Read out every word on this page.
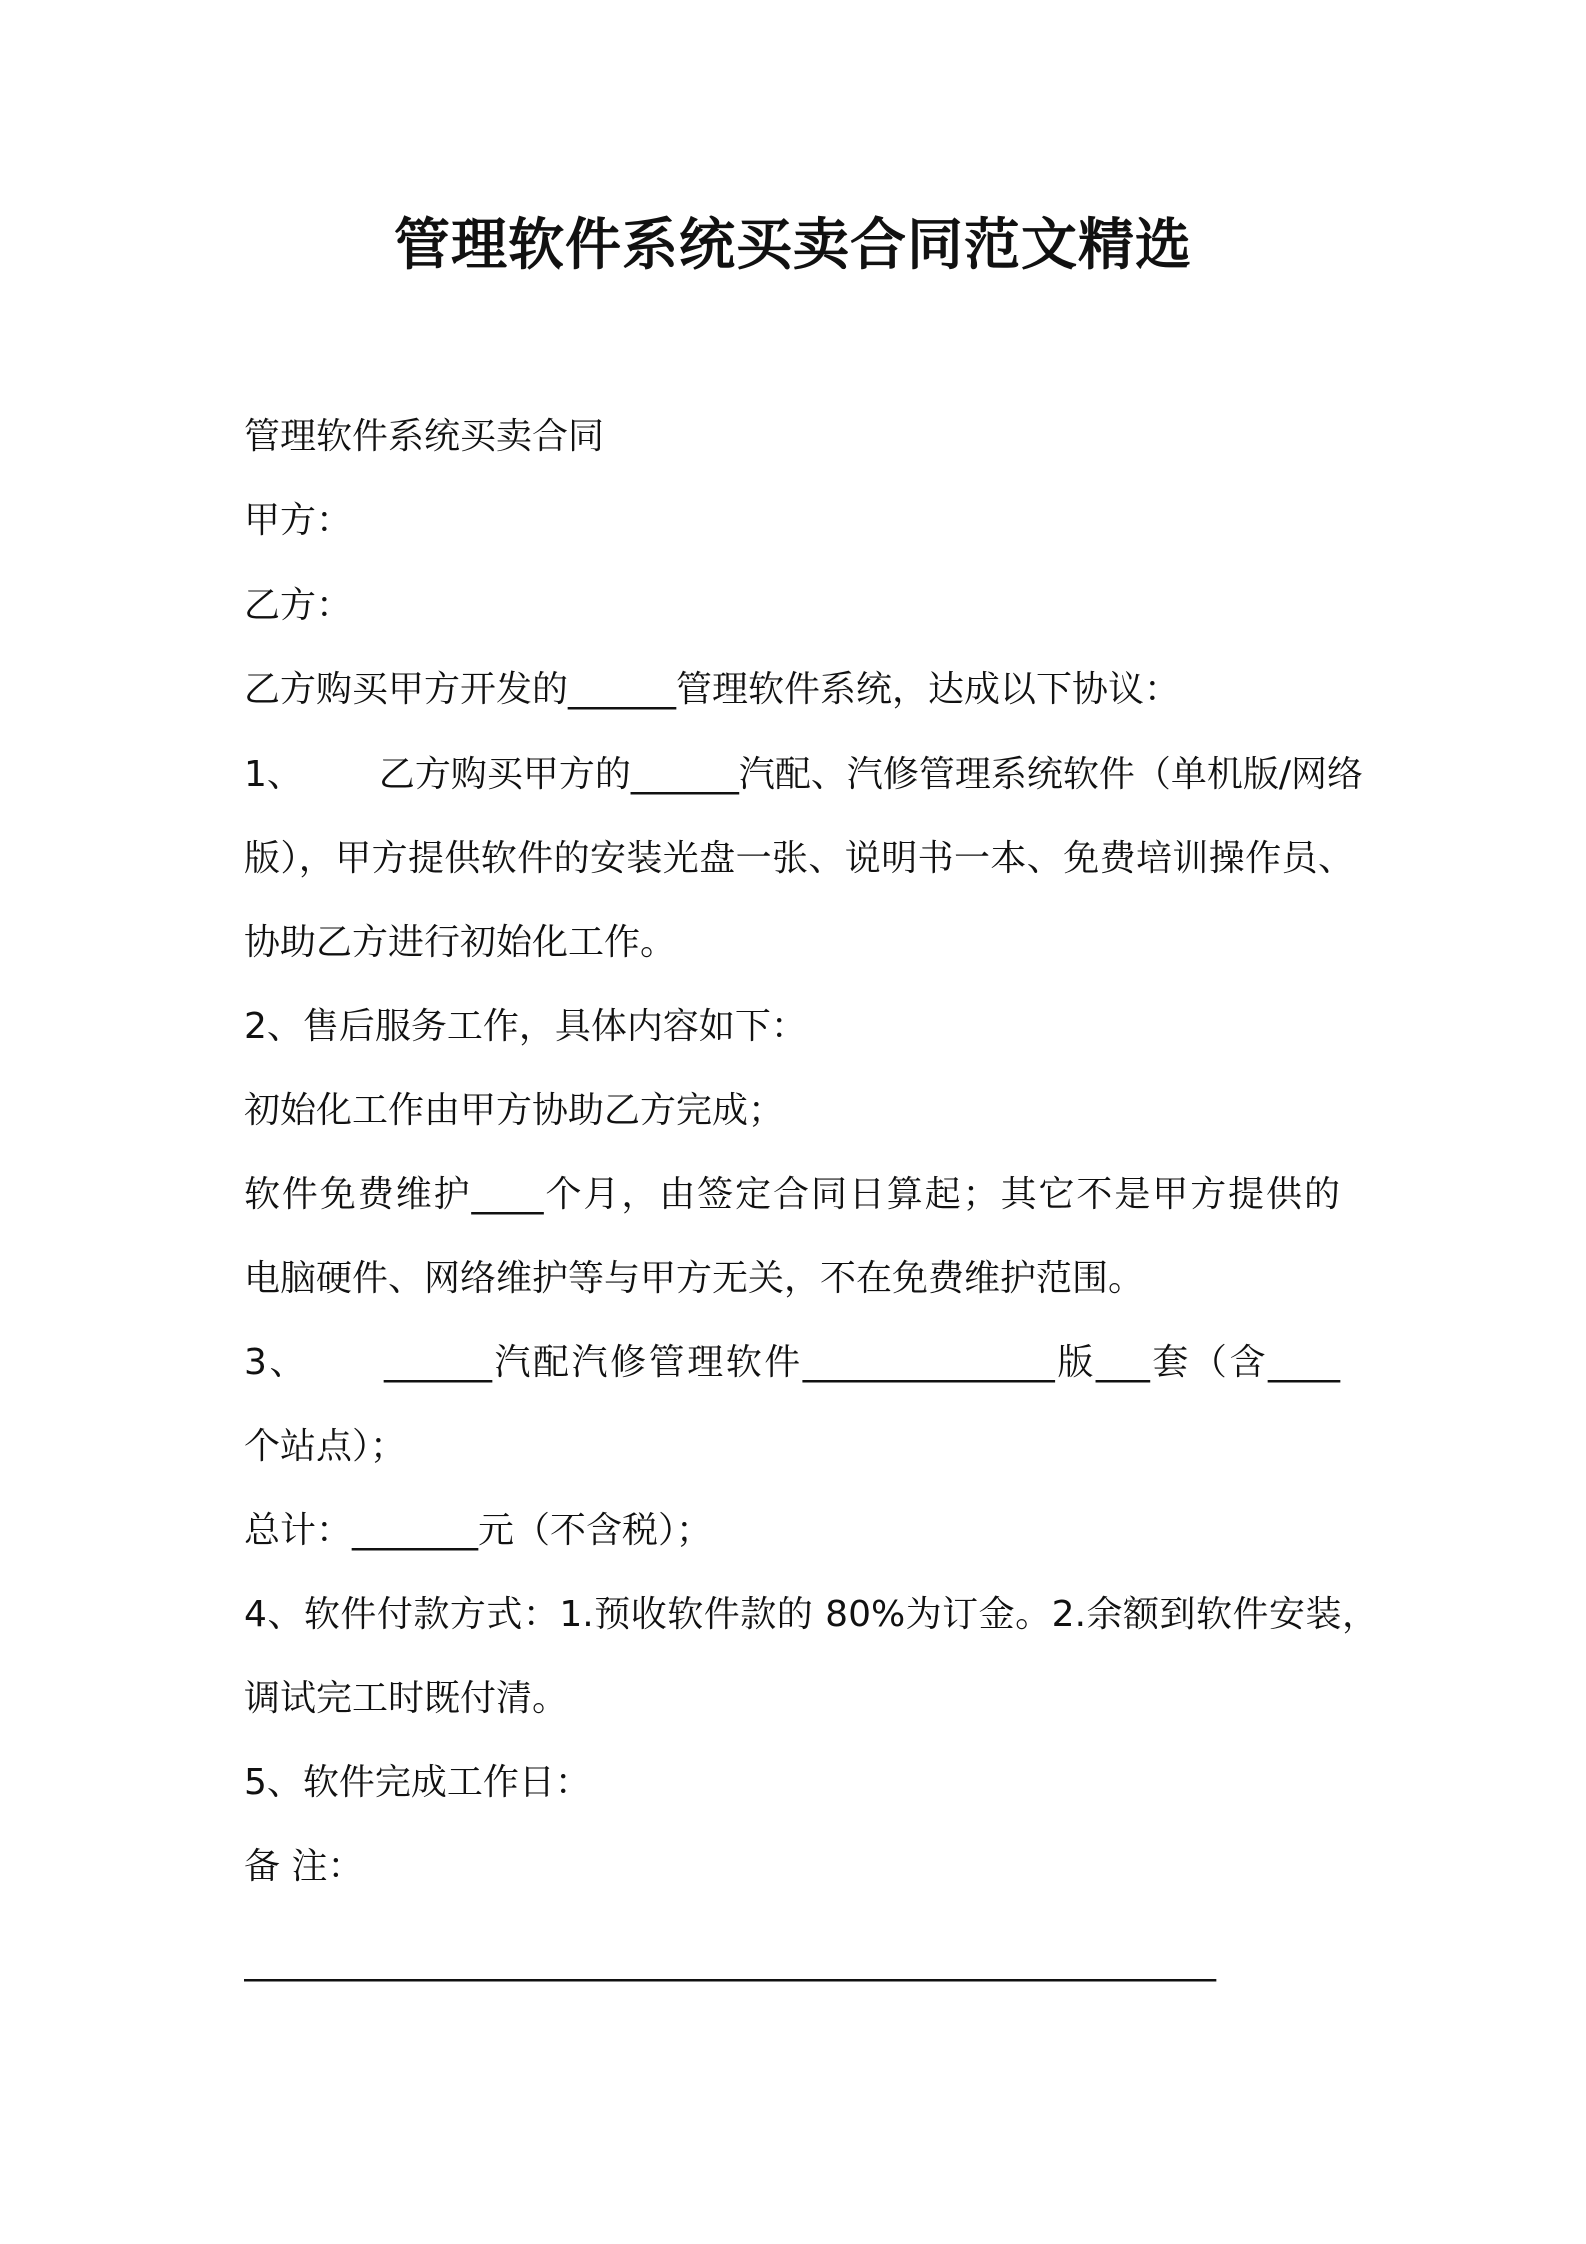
管理软件系统买卖合同范文精选
管理软件系统买卖合同
甲方：
乙方：
乙方购买甲方开发的______管理软件系统，达成以下协议：
1、 乙方购买甲方的______汽配、汽修管理系统软件（单机版/网络
版），甲方提供软件的安装光盘一张、说明书一本、免费培训操作员、
协助乙方进行初始化工作。
2、售后服务工作，具体内容如下：
初始化工作由甲方协助乙方完成；
软件免费维护____个月，由签定合同日算起；其它不是甲方提供的
电脑硬件、网络维护等与甲方无关，不在免费维护范围。
3、 ______汽配汽修管理软件______________版___套（含____
个站点）；
总计：_______元（不含税）；
4、软件付款方式：1.预收软件款的 80%为订金。2.余额到软件安装，
调试完工时既付清。
5、软件完成工作日：
备 注：
______________________________________________________
